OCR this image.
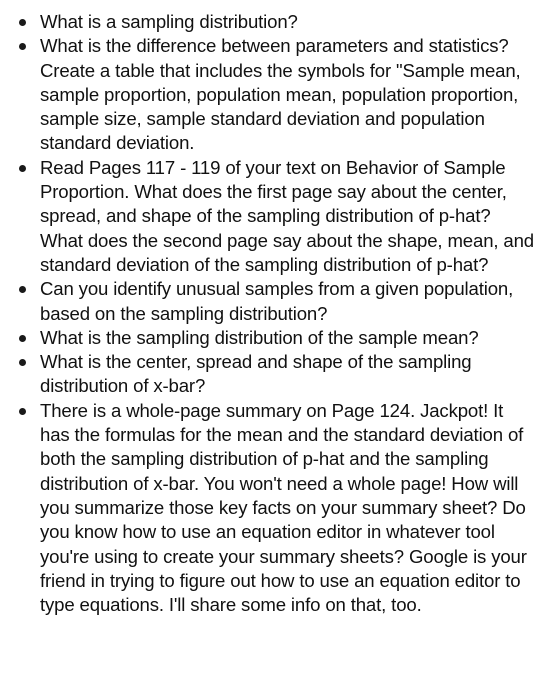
What is a sampling distribution?
What is the difference between parameters and statistics? Create a table that includes the symbols for "Sample mean, sample proportion, population mean, population proportion, sample size, sample standard deviation and population standard deviation.
Read Pages 117 - 119 of your text on Behavior of Sample Proportion. What does the first page say about the center, spread, and shape of the sampling distribution of p-hat? What does the second page say about the shape, mean, and standard deviation of the sampling distribution of p-hat?
Can you identify unusual samples from a given population, based on the sampling distribution?
What is the sampling distribution of the sample mean?
What is the center, spread and shape of the sampling distribution of x-bar?
There is a whole-page summary on Page 124. Jackpot! It has the formulas for the mean and the standard deviation of both the sampling distribution of p-hat and the sampling distribution of x-bar. You won't need a whole page! How will you summarize those key facts on your summary sheet? Do you know how to use an equation editor in whatever tool you're using to create your summary sheets? Google is your friend in trying to figure out how to use an equation editor to type equations. I'll share some info on that, too.
